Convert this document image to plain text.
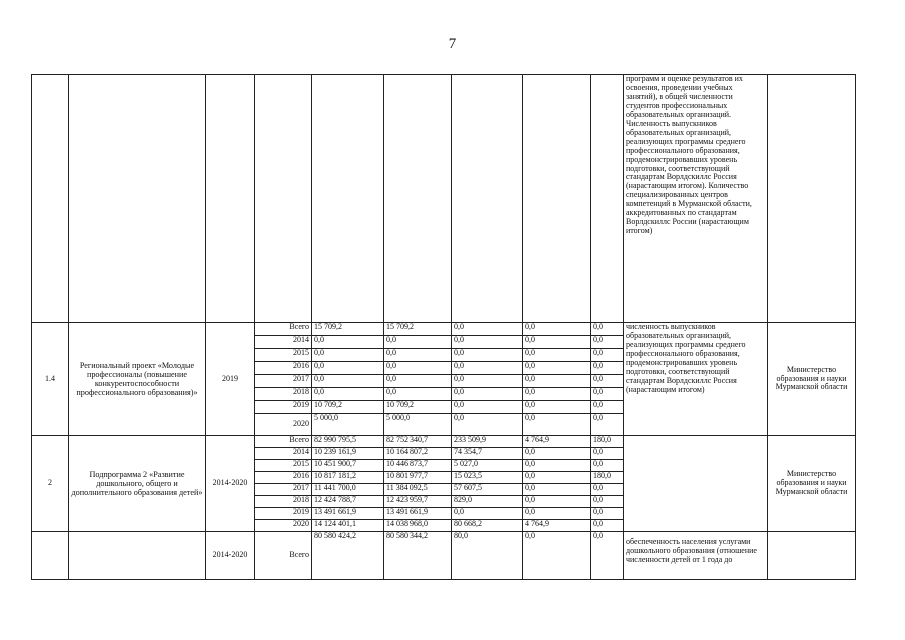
7
									программ и оценке результатов их освоения, проведении учебных занятий), в общей численности студентов профессиональных образовательных организаций. Численность выпускников образовательных организаций, реализующих программы среднего профессионального образования, продемонстрировавших уровень подготовки, соответствующий стандартам Ворлдскиллс Россия (нарастающим итогом). Количество специализированных центров компетенций в Мурманской области, аккредитованных по стандартам Ворлдскиллс России (нарастающим итогом)	
1.4	Региональный проект «Молодые профессионалы (повышение конкурентоспособности профессионального образования)»	2019	Всего	15 709,2	15 709,2	0,0	0,0	0,0	численность выпускников образовательных организаций, реализующих программы среднего профессионального образования, продемонстрировавших уровень подготовки, соответствующий стандартам Ворлдскиллс Россия (нарастающим итогом)	Министерство образования и науки Мурманской области
			2014	0,0	0,0	0,0	0,0	0,0		
			2015	0,0	0,0	0,0	0,0	0,0		
			2016	0,0	0,0	0,0	0,0	0,0		
			2017	0,0	0,0	0,0	0,0	0,0		
			2018	0,0	0,0	0,0	0,0	0,0		
			2019	10 709,2	10 709,2	0,0	0,0	0,0		
			2020	5 000,0	5 000,0	0,0	0,0	0,0		
2	Подпрограмма 2 «Развитие дошкольного, общего и дополнительного образования детей»	2014-2020	Всего	82 990 795,5	82 752 340,7	233 509,9	4 764,9	180,0		Министерство образования и науки Мурманской области
			2014	10 239 161,9	10 164 807,2	74 354,7	0,0	0,0		
			2015	10 451 900,7	10 446 873,7	5 027,0	0,0	0,0		
			2016	10 817 181,2	10 801 977,7	15 023,5	0,0	180,0		
			2017	11 441 700,0	11 384 092,5	57 607,5	0,0	0,0		
			2018	12 424 788,7	12 423 959,7	829,0	0,0	0,0		
			2019	13 491 661,9	13 491 661,9	0,0	0,0	0,0		
			2020	14 124 401,1	14 038 968,0	80 668,2	4 764,9	0,0		
		2014-2020	Всего	80 580 424,2	80 580 344,2	80,0	0,0	0,0	обеспеченность населения услугами дошкольного образования (отношение численности детей от 1 года до	
